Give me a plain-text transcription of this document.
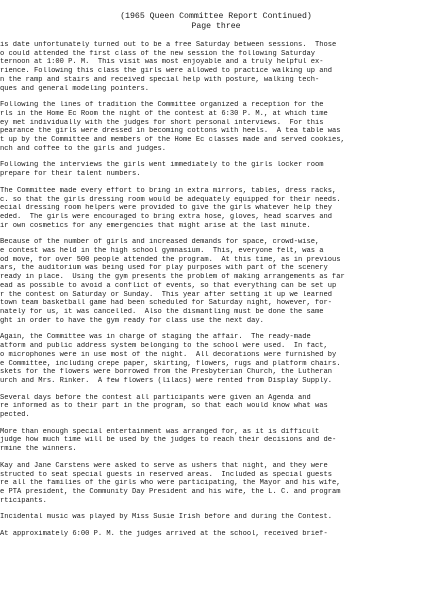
(1965 Queen Committee Report Continued)
Page three
is date unfortunately turned out to be a free Saturday between sessions.  Those
o could attended the first class of the new session the following Saturday
ternoon at 1:00 P. M.  This visit was most enjoyable and a truly helpful ex-
rience. Following this class the girls were allowed to practice walking up and
n the ramp and stairs and received special help with posture, walking tech-
ques and general modeling pointers.
Following the lines of tradition the Committee organized a reception for the
rls in the Home Ec Room the night of the contest at 6:30 P. M., at which time
ey met individually with the judges for short personal interviews.  For this
pearance the girls were dressed in becoming cottons with heels.  A tea table was
t up by the Committee and members of the Home Ec classes made and served cookies,
nch and coffee to the girls and judges.
Following the interviews the girls went immediately to the girls locker room
prepare for their talent numbers.
The Committee made every effort to bring in extra mirrors, tables, dress racks,
c. so that the girls dressing room would be adequately equipped for their needs.
ecial dressing room helpers were provided to give the girls whatever help they
eded.  The girls were encouraged to bring extra hose, gloves, head scarves and
ir own cosmetics for any emergencies that might arise at the last minute.
Because of the number of girls and increased demands for space, crowd-wise,
e contest was held in the high school gymnasium.  This, everyone felt, was a
od move, for over 500 people attended the program.  At this time, as in previous
ars, the auditorium was being used for play purposes with part of the scenery
ready in place.  Using the gym presents the problem of making arrangements as far
ead as possible to avoid a conflict of events, so that everything can be set up
r the contest on Saturday or Sunday.  This year after setting it up we learned
town team basketball game had been scheduled for Saturday night, however, for-
nately for us, it was cancelled.  Also the dismantling must be done the same
ght in order to have the gym ready for class use the next day.
Again, the Committee was in charge of staging the affair.  The ready-made
atform and public address system belonging to the school were used.  In fact,
o microphones were in use most of the night.  All decorations were furnished by
e Committee, including crepe paper, skirting, flowers, rugs and platform chairs.
skets for the flowers were borrowed from the Presbyterian Church, the Lutheran
urch and Mrs. Rinker.  A few flowers (lilacs) were rented from Display Supply.
Several days before the contest all participants were given an Agenda and
re informed as to their part in the program, so that each would know what was
pected.
More than enough special entertainment was arranged for, as it is difficult
judge how much time will be used by the judges to reach their decisions and de-
rmine the winners.
Kay and Jane Carstens were asked to serve as ushers that night, and they were
structed to seat special guests in reserved areas.  Included as special guests
re all the families of the girls who were participating, the Mayor and his wife,
e PTA president, the Community Day President and his wife, the L. C. and program
rticipants.
Incidental music was played by Miss Susie Irish before and during the Contest.
At approximately 6:00 P. M. the judges arrived at the school, received brief-
